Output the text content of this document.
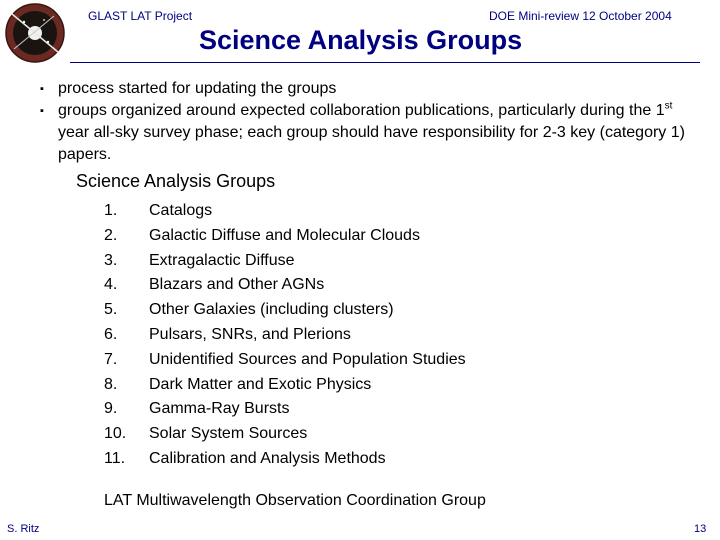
GLAST LAT Project	DOE Mini-review 12 October 2004
Science Analysis Groups
▪ process started for updating the groups
▪ groups organized around expected collaboration publications, particularly during the 1st year all-sky survey phase; each group should have responsibility for 2-3 key (category 1) papers.
Science Analysis Groups
1.	Catalogs
2.	Galactic Diffuse and Molecular Clouds
3.	Extragalactic Diffuse
4.	Blazars and Other AGNs
5.	Other Galaxies (including clusters)
6.	Pulsars, SNRs, and Plerions
7.	Unidentified Sources and Population Studies
8.	Dark Matter and Exotic Physics
9.	Gamma-Ray Bursts
10.	Solar System Sources
11.	Calibration and Analysis Methods
LAT Multiwavelength Observation Coordination Group
S. Ritz	13
